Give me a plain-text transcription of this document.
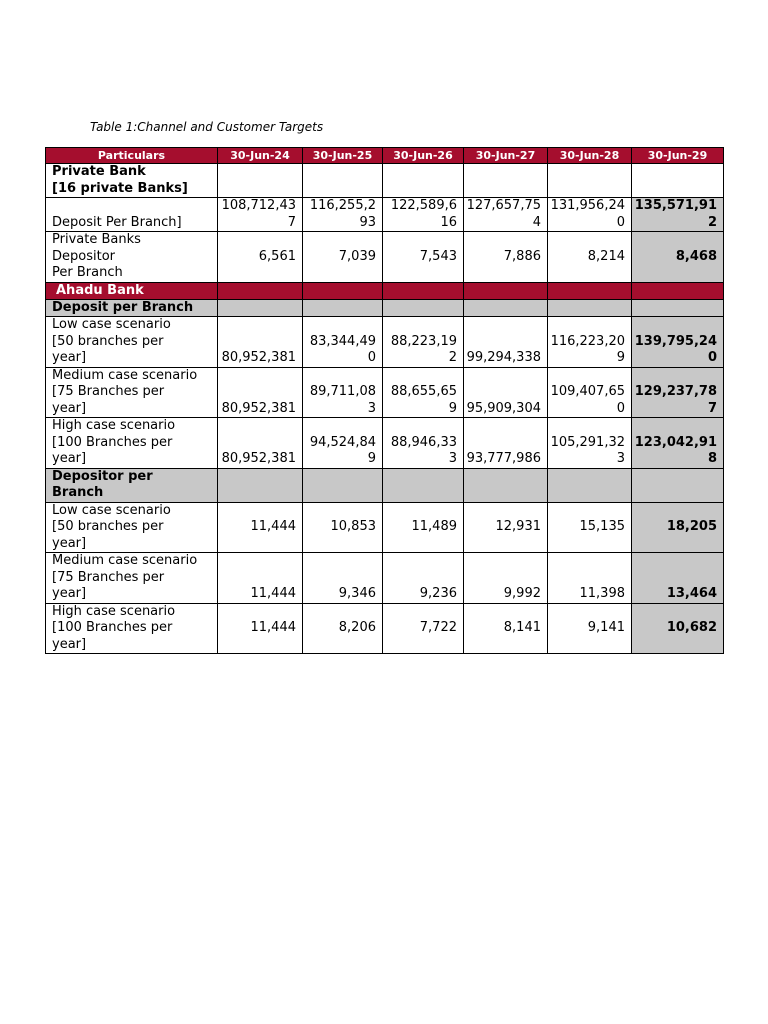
Table 1:Channel and Customer Targets
Particulars	30-Jun-24	30-Jun-25	30-Jun-26	30-Jun-27	30-Jun-28	30-Jun-29

Private Bank
[16 private Banks]						

Deposit Per Branch]	108,712,437	116,255,293	122,589,616	127,657,754	131,956,240	135,571,912

Private Banks
Depositor
Per Branch	6,561	7,039	7,543	7,886	8,214	8,468
Ahadu Bank						
Deposit per Branch						

Low case scenario
[50 branches per
year]	80,952,381	83,344,490	88,223,192	99,294,338	116,223,209	139,795,240

Medium case scenario
[75 Branches per
year]	80,952,381	89,711,083	88,655,659	95,909,304	109,407,650	129,237,787

High case scenario
[100 Branches per
year]	80,952,381	94,524,849	88,946,333	93,777,986	105,291,323	123,042,918

Depositor per
Branch						

Low case scenario
[50 branches per
year]	11,444	10,853	11,489	12,931	15,135	18,205

Medium case scenario
[75 Branches per
year]	11,444	9,346	9,236	9,992	11,398	13,464

High case scenario
[100 Branches per
year]	11,444	8,206	7,722	8,141	9,141	10,682
